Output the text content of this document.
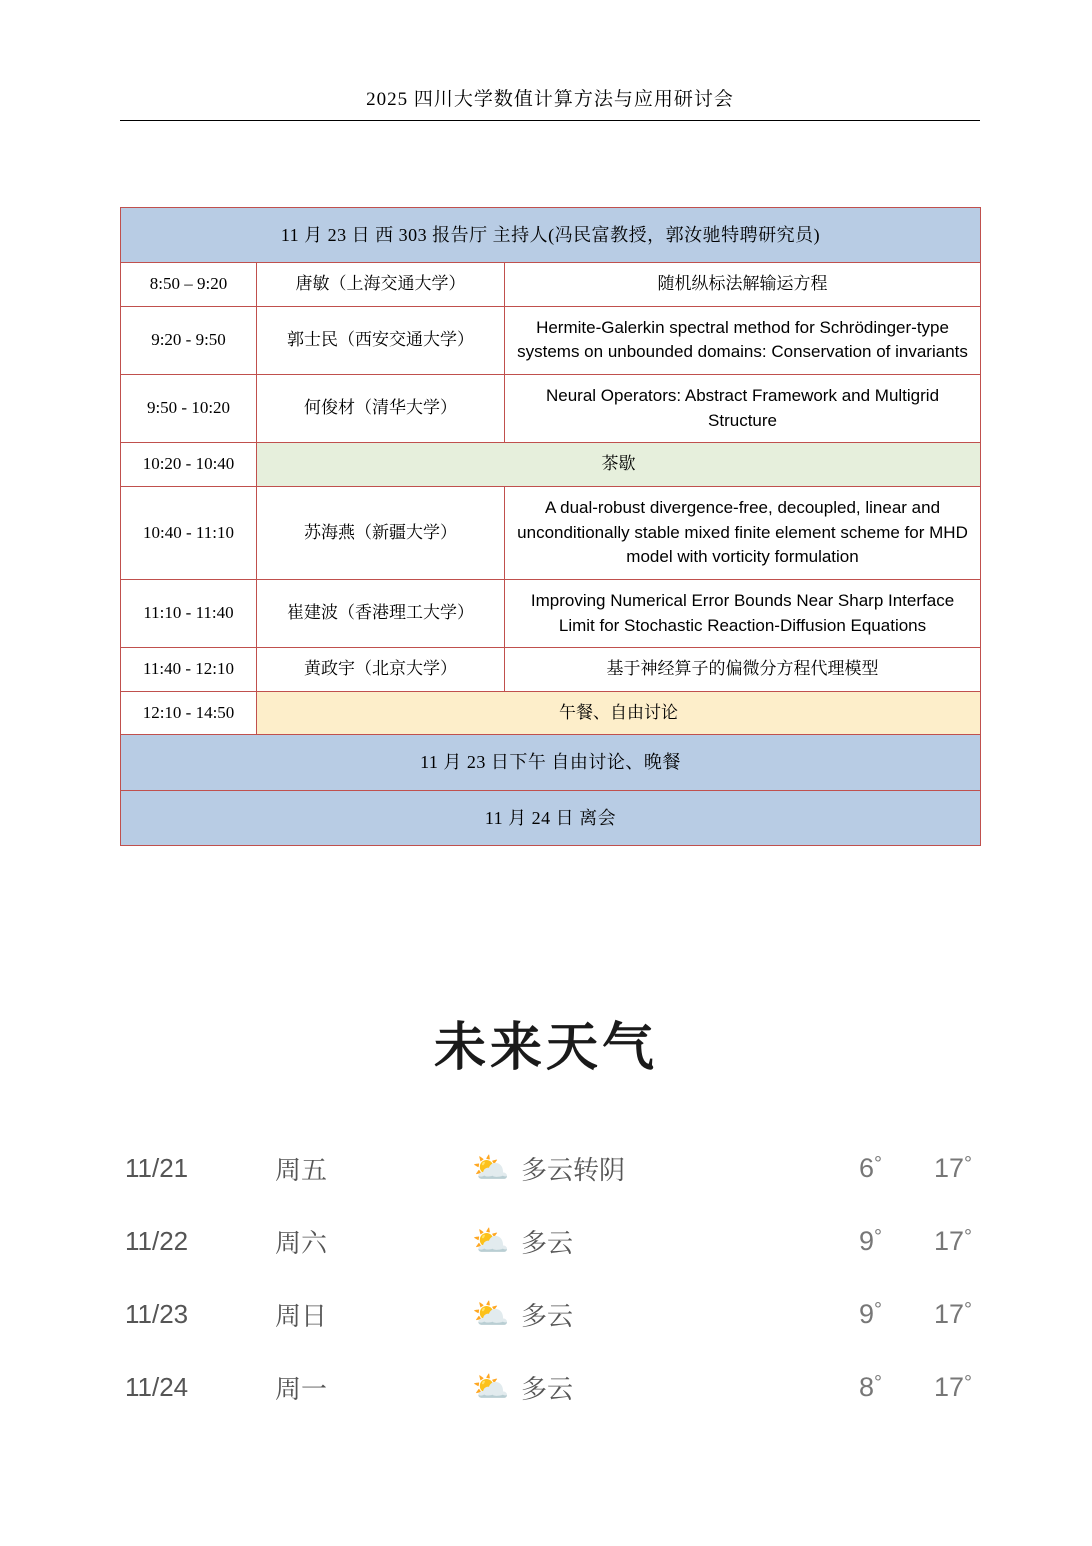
2025 四川大学数值计算方法与应用研讨会
11 月 23 日 西 303 报告厅 主持人(冯民富教授，郭汝驰特聘研究员)		
8:50 – 9:20	唐敏（上海交通大学）	随机纵标法解输运方程
9:20 - 9:50	郭士民（西安交通大学）	Hermite-Galerkin spectral method for Schrödinger-type systems on unbounded domains: Conservation of invariants
9:50 - 10:20	何俊材（清华大学）	Neural Operators: Abstract Framework and Multigrid Structure
10:20 - 10:40	茶歇	
10:40 - 11:10	苏海燕（新疆大学）	A dual-robust divergence-free, decoupled, linear and unconditionally stable mixed finite element scheme for MHD model with vorticity formulation
11:10 - 11:40	崔建波（香港理工大学）	Improving Numerical Error Bounds Near Sharp Interface Limit for Stochastic Reaction-Diffusion Equations
11:40 - 12:10	黄政宇（北京大学）	基于神经算子的偏微分方程代理模型
12:10 - 14:50	午餐、自由讨论	
11 月 23 日下午 自由讨论、晚餐		
11 月 24 日 离会		
未来天气
11/21	周五	⛅ 多云转阴	6°	17°
11/22	周六	⛅ 多云	9°	17°
11/23	周日	⛅ 多云	9°	17°
11/24	周一	⛅ 多云	8°	17°
